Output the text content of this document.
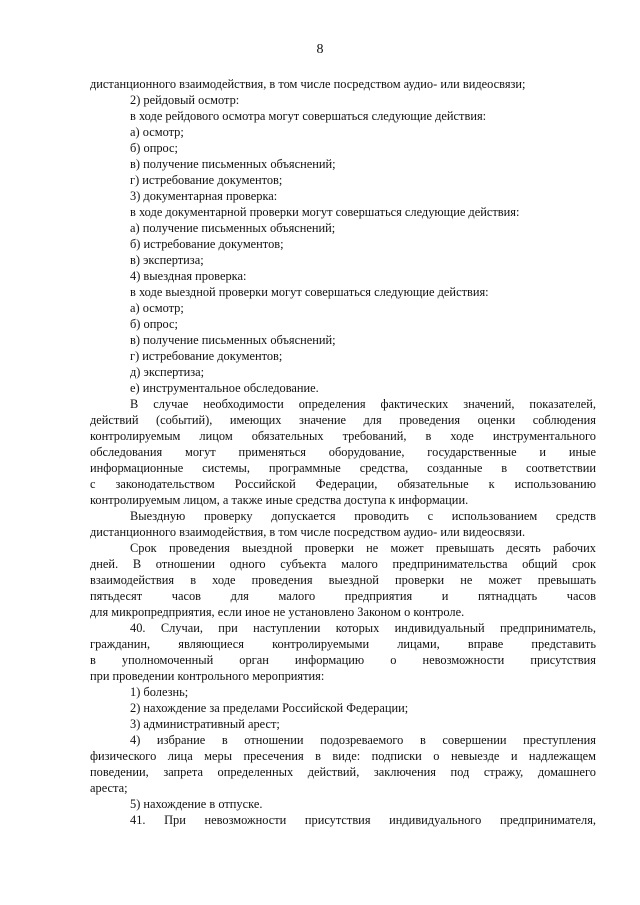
8
дистанционного взаимодействия, в том числе посредством аудио- или видеосвязи;
2) рейдовый осмотр:
в ходе рейдового осмотра могут совершаться следующие действия:
а) осмотр;
б) опрос;
в) получение письменных объяснений;
г) истребование документов;
3) документарная проверка:
в ходе документарной проверки могут совершаться следующие действия:
а) получение письменных объяснений;
б) истребование документов;
в) экспертиза;
4) выездная проверка:
в ходе выездной проверки могут совершаться следующие действия:
а) осмотр;
б) опрос;
в) получение письменных объяснений;
г) истребование документов;
д) экспертиза;
е) инструментальное обследование.
В случае необходимости определения фактических значений, показателей,
действий (событий), имеющих значение для проведения оценки соблюдения
контролируемым лицом обязательных требований, в ходе инструментального
обследования могут применяться оборудование, государственные и иные
информационные системы, программные средства, созданные в соответствии
с законодательством Российской Федерации, обязательные к использованию
контролируемым лицом, а также иные средства доступа к информации.
Выездную проверку допускается проводить с использованием средств
дистанционного взаимодействия, в том числе посредством аудио- или видеосвязи.
Срок проведения выездной проверки не может превышать десять рабочих
дней. В отношении одного субъекта малого предпринимательства общий срок
взаимодействия в ходе проведения выездной проверки не может превышать
пятьдесят часов для малого предприятия и пятнадцать часов
для микропредприятия, если иное не установлено Законом о контроле.
40. Случаи, при наступлении которых индивидуальный предприниматель,
гражданин, являющиеся контролируемыми лицами, вправе представить
в уполномоченный орган информацию о невозможности присутствия
при проведении контрольного мероприятия:
1) болезнь;
2) нахождение за пределами Российской Федерации;
3) административный арест;
4) избрание в отношении подозреваемого в совершении преступления
физического лица меры пресечения в виде: подписки о невыезде и надлежащем
поведении, запрета определенных действий, заключения под стражу, домашнего
ареста;
5) нахождение в отпуске.
41. При невозможности присутствия индивидуального предпринимателя,
